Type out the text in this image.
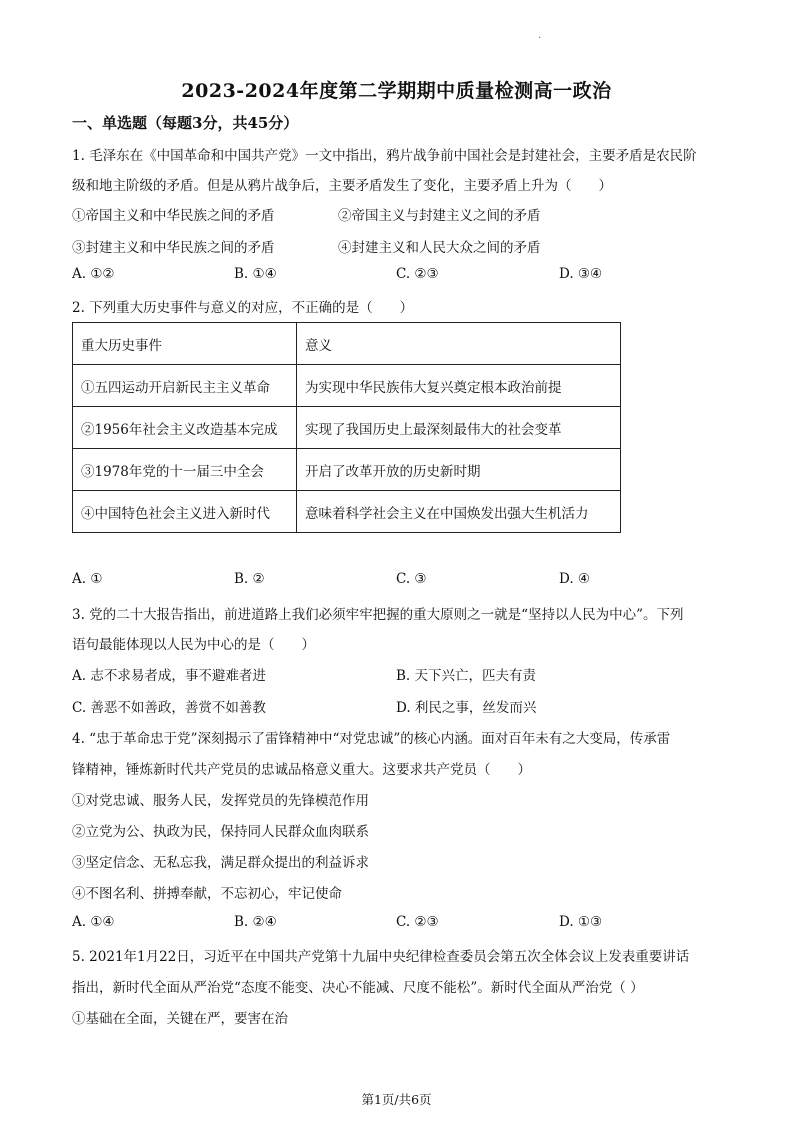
.
2023-2024年度第二学期期中质量检测高一政治
一、单选题（每题3分，共45分）
1. 毛泽东在《中国革命和中国共产党》一文中指出，鸦片战争前中国社会是封建社会，主要矛盾是农民阶
级和地主阶级的矛盾。但是从鸦片战争后，主要矛盾发生了变化，主要矛盾上升为（　　）
①帝国主义和中华民族之间的矛盾	②帝国主义与封建主义之间的矛盾
③封建主义和中华民族之间的矛盾	④封建主义和人民大众之间的矛盾
A. ①②	B. ①④	C. ②③	D. ③④
2. 下列重大历史事件与意义的对应，不正确的是（　　）
重大历史事件	意义
①五四运动开启新民主主义革命	为实现中华民族伟大复兴奠定根本政治前提
②1956年社会主义改造基本完成	实现了我国历史上最深刻最伟大的社会变革
③1978年党的十一届三中全会	开启了改革开放的历史新时期
④中国特色社会主义进入新时代	意味着科学社会主义在中国焕发出强大生机活力
A. ①	B. ②	C. ③	D. ④
3. 党的二十大报告指出，前进道路上我们必须牢牢把握的重大原则之一就是“坚持以人民为中心”。下列
语句最能体现以人民为中心的是（　　）
A. 志不求易者成，事不避难者进	B. 天下兴亡，匹夫有责
C. 善恶不如善政，善赏不如善教	D. 利民之事，丝发而兴
4. “忠于革命忠于党”深刻揭示了雷锋精神中“对党忠诚”的核心内涵。面对百年未有之大变局，传承雷
锋精神，锤炼新时代共产党员的忠诚品格意义重大。这要求共产党员（　　）
①对党忠诚、服务人民，发挥党员的先锋模范作用
②立党为公、执政为民，保持同人民群众血肉联系
③坚定信念、无私忘我，满足群众提出的利益诉求
④不图名利、拼搏奉献，不忘初心，牢记使命
A. ①④	B. ②④	C. ②③	D. ①③
5. 2021年1月22日，习近平在中国共产党第十九届中央纪律检查委员会第五次全体会议上发表重要讲话
指出，新时代全面从严治党“态度不能变、决心不能减、尺度不能松”。新时代全面从严治党（ ）
①基础在全面，关键在严，要害在治
第1页/共6页
